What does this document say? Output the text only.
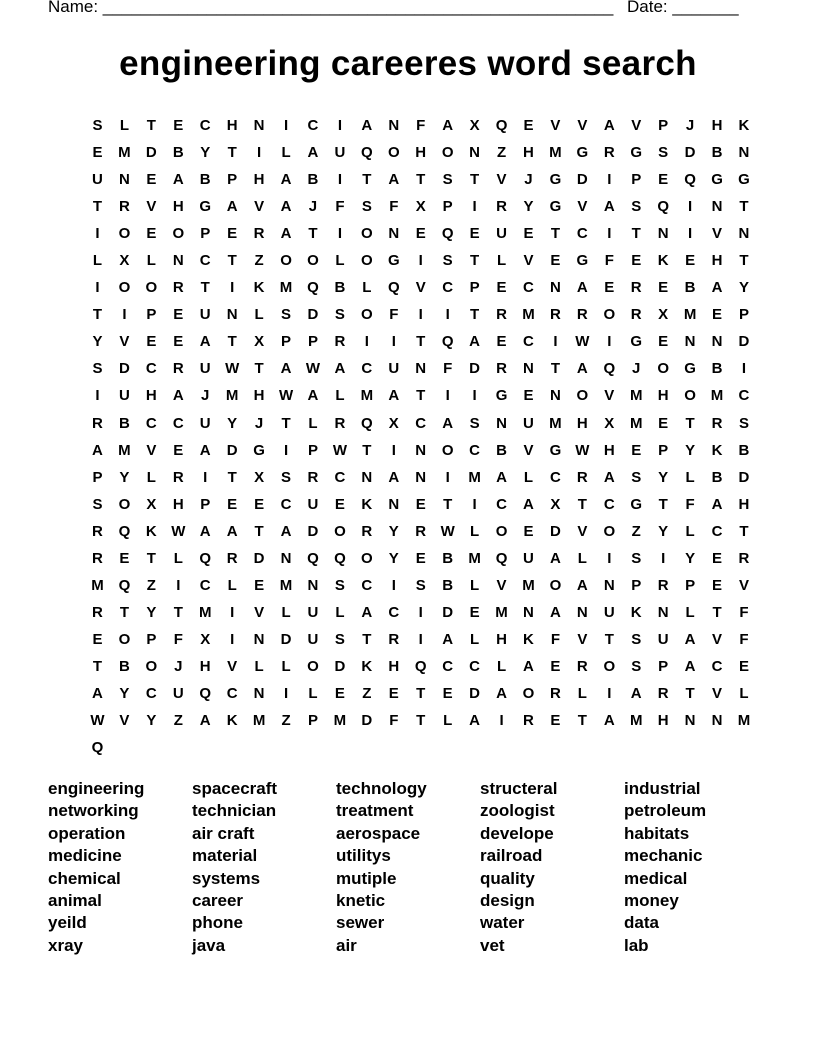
Name: ______________________________________________________ Date: _______
engineering careeres word search
S	L	T	E	C	H	N	I	C	I	A	N	F	A	X	Q	E	V	V	A	V	P	J	H	K
E	M	D	B	Y	T	I	L	A	U	Q	O	H	O	N	Z	H	M G	R	G	S	D	B	N
U	N	E	A	B	P	H	A	B	I	T	A	T	S	T	V	J	G	D	I	P	E	Q	G	G
T	R	V	H	G	A	V	A	J	F	S	F	X	P	I	R	Y	G	V	A	S	Q	I	N	T
I	O	E	O	P	E	R	A	T	I	O	N	E	Q	E	U	E	T	C	I	T	N	I	V	N
L	X	L	N	C	T	Z	O	O	L	O	G	I	S	T	L	V	E	G	F	E	K	E	H	T
I	O	O	R	T	I	K	M Q	B	L	Q	V	C	P	E	C	N	A	E	R	E	B	A	Y
T	I	P	E	U	N	L	S	D	S	O	F	I	I	T	R	M	R	R	O	R	X	M	E	P
Y	V	E	E	A	T	X	P	P	R	I	I	T	Q	A	E	C	I	W	I	G	E	N	N	D
S	D	C	R	U W	T	A W A	C	U	N	F	D	R	N	T	A	Q	J	O	G	B	I
I	U	H	A	J	M	H W A	L	M	A	T	I	I	G	E	N	O	V	M	H	O M	C
R	B	C	C	U	Y	J	T	L	R	Q	X	C	A	S	N	U	M	H	X	M	E	T	R	S
A	M	V	E	A	D	G	I	P W	T	I	N	O	C	B	V	G W H	E	P	Y	K	B
P	Y	L	R	I	T	X	S	R	C	N	A	N	I	M	A	L	C	R	A	S	Y	L	B	D
S	O	X	H	P	E	E	C	U	E	K	N	E	T	I	C	A	X	T	C	G	T	F	A	H
R	Q	K W A	A	T	A	D	O	R	Y	R W	L	O	E	D	V	O	Z	Y	L	C	T
R	E	T	L	Q	R	D	N	Q	Q	O	Y	E	B	M Q	U	A	L	I	S	I	Y	E	R
M Q	Z	I	C	L	E	M	N	S	C	I	S	B	L	V	M O	A	N	P	R	P	E	V
R	T	Y	T	M	I	V	L	U	L	A	C	I	D	E	M	N	A	N	U	K	N	L	T	F
E	O	P	F	X	I	N	D	U	S	T	R	I	A	L	H	K	F	V	T	S	U	A	V	F
T	B	O	J	H	V	L	L	O	D	K	H	Q	C	C	L	A	E	R	O	S	P	A	C	E
A	Y	C	U	Q	C	N	I	L	E	Z	E	T	E	D	A	O	R	L	I	A	R	T	V	L
W V	Y	Z	A	K	M	Z	P	M	D	F	T	L	A	I	R	E	T	A	M	H	N	N	M
Q
engineering	spacecraft	technology	structeral	industrial
networking	technician	treatment	zoologist	petroleum
operation	air craft	aerospace	develope	habitats
medicine	material	utilitys	railroad	mechanic
chemical	systems	mutiple	quality	medical
animal	career	knetic	design	money
yeild	phone	sewer	water	data
xray	java	air	vet	lab
